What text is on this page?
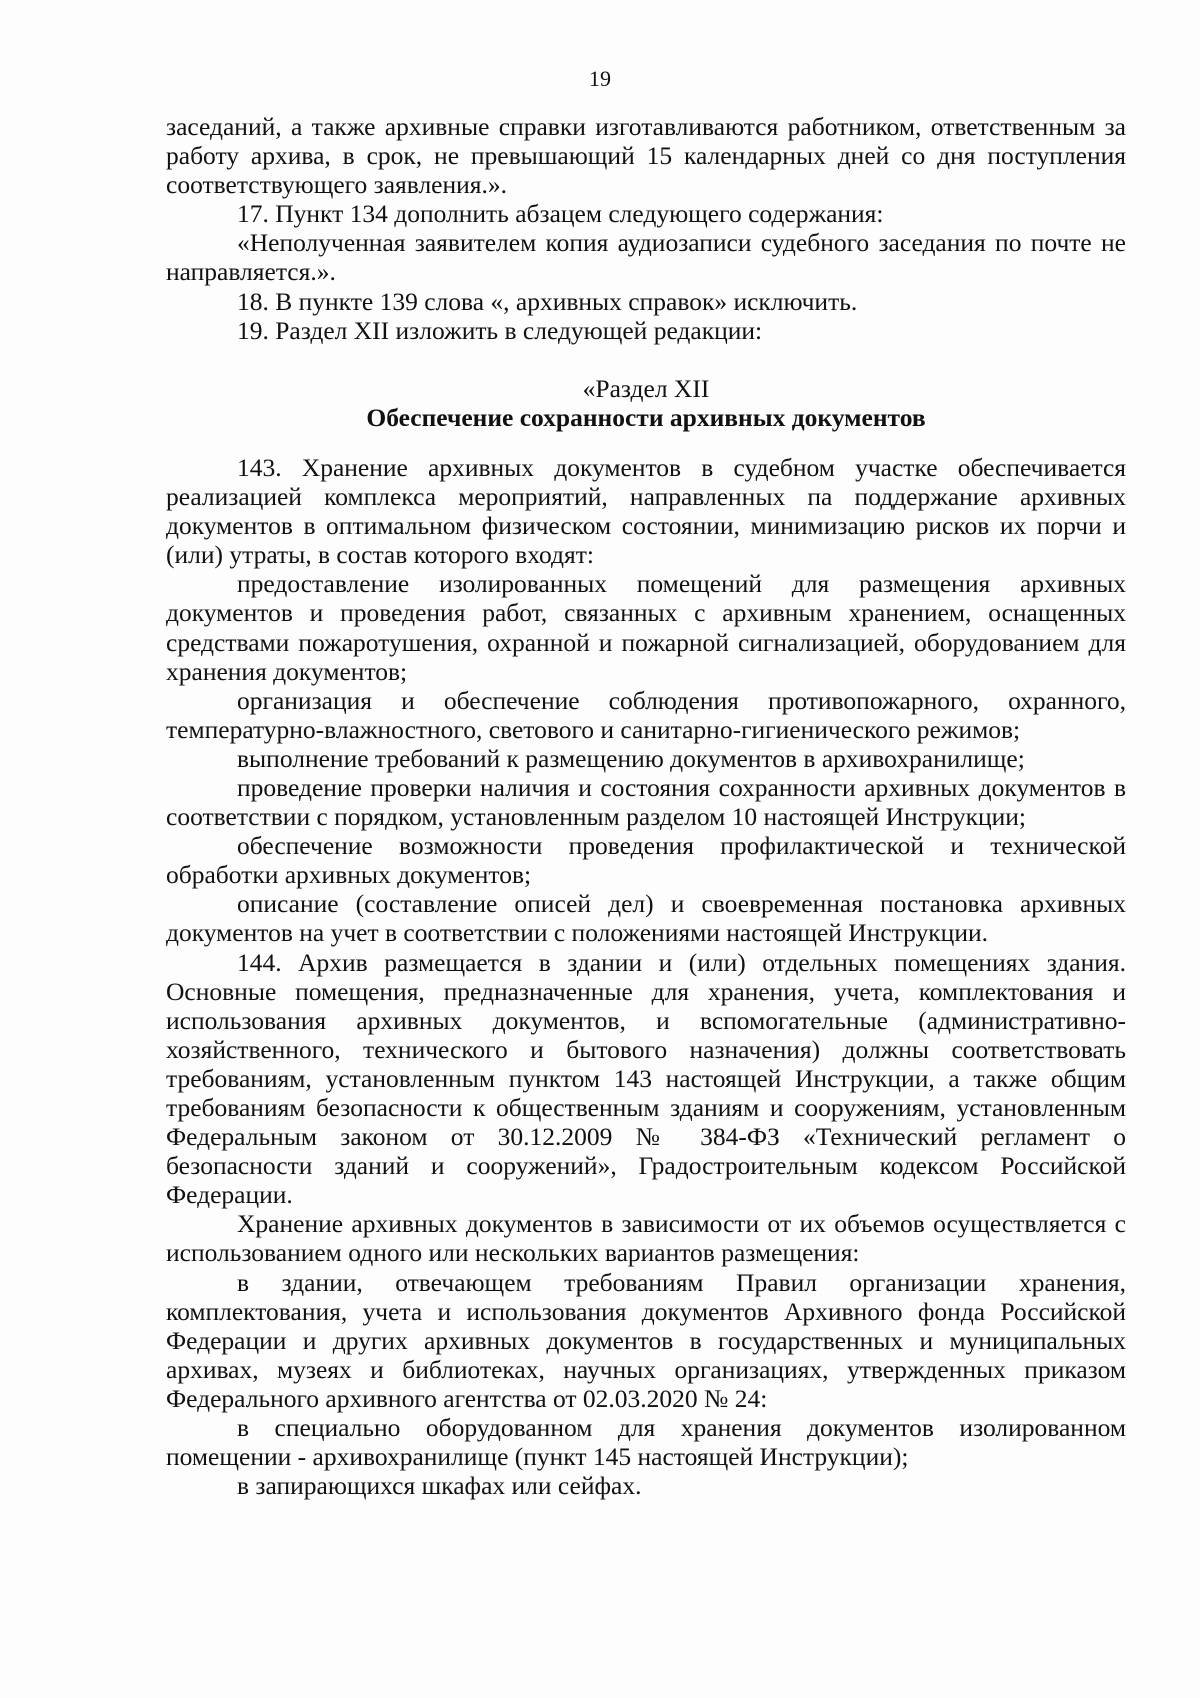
19

заседаний, а также архивные справки изготавливаются работником, ответственным за работу архива, в срок, не превышающий 15 календарных дней со дня поступления соответствующего заявления.».

17. Пункт 134 дополнить абзацем следующего содержания:

«Неполученная заявителем копия аудиозаписи судебного заседания по почте не направляется.».

18. В пункте 139 слова «, архивных справок» исключить.

19. Раздел XII изложить в следующей редакции:

«Раздел XII

Обеспечение сохранности архивных документов

143. Хранение архивных документов в судебном участке обеспечивается реализацией комплекса мероприятий, направленных па поддержание архивных документов в оптимальном физическом состоянии, минимизацию рисков их порчи и (или) утраты, в состав которого входят:

предоставление изолированных помещений для размещения архивных документов и проведения работ, связанных с архивным хранением, оснащенных средствами пожаротушения, охранной и пожарной сигнализацией, оборудованием для хранения документов;

организация и обеспечение соблюдения противопожарного, охранного, температурно-влажностного, светового и санитарно-гигиенического режимов;

выполнение требований к размещению документов в архивохранилище;

проведение проверки наличия и состояния сохранности архивных документов в соответствии с порядком, установленным разделом 10 настоящей Инструкции;

обеспечение возможности проведения профилактической и технической обработки архивных документов;

описание (составление описей дел) и своевременная постановка архивных документов на учет в соответствии с положениями настоящей Инструкции.

144. Архив размещается в здании и (или) отдельных помещениях здания. Основные помещения, предназначенные для хранения, учета, комплектования и использования архивных документов, и вспомогательные (административно-хозяйственного, технического и бытового назначения) должны соответствовать требованиям, установленным пунктом 143 настоящей Инструкции, а также общим требованиям безопасности к общественным зданиям и сооружениям, установленным Федеральным законом от 30.12.2009 № 384-ФЗ «Технический регламент о безопасности зданий и сооружений», Градостроительным кодексом Российской Федерации.

Хранение архивных документов в зависимости от их объемов осуществляется с использованием одного или нескольких вариантов размещения:

в здании, отвечающем требованиям Правил организации хранения, комплектования, учета и использования документов Архивного фонда Российской Федерации и других архивных документов в государственных и муниципальных архивах, музеях и библиотеках, научных организациях, утвержденных приказом Федерального архивного агентства от 02.03.2020 № 24:

в специально оборудованном для хранения документов изолированном помещении - архивохранилище (пункт 145 настоящей Инструкции);

в запирающихся шкафах или сейфах.
